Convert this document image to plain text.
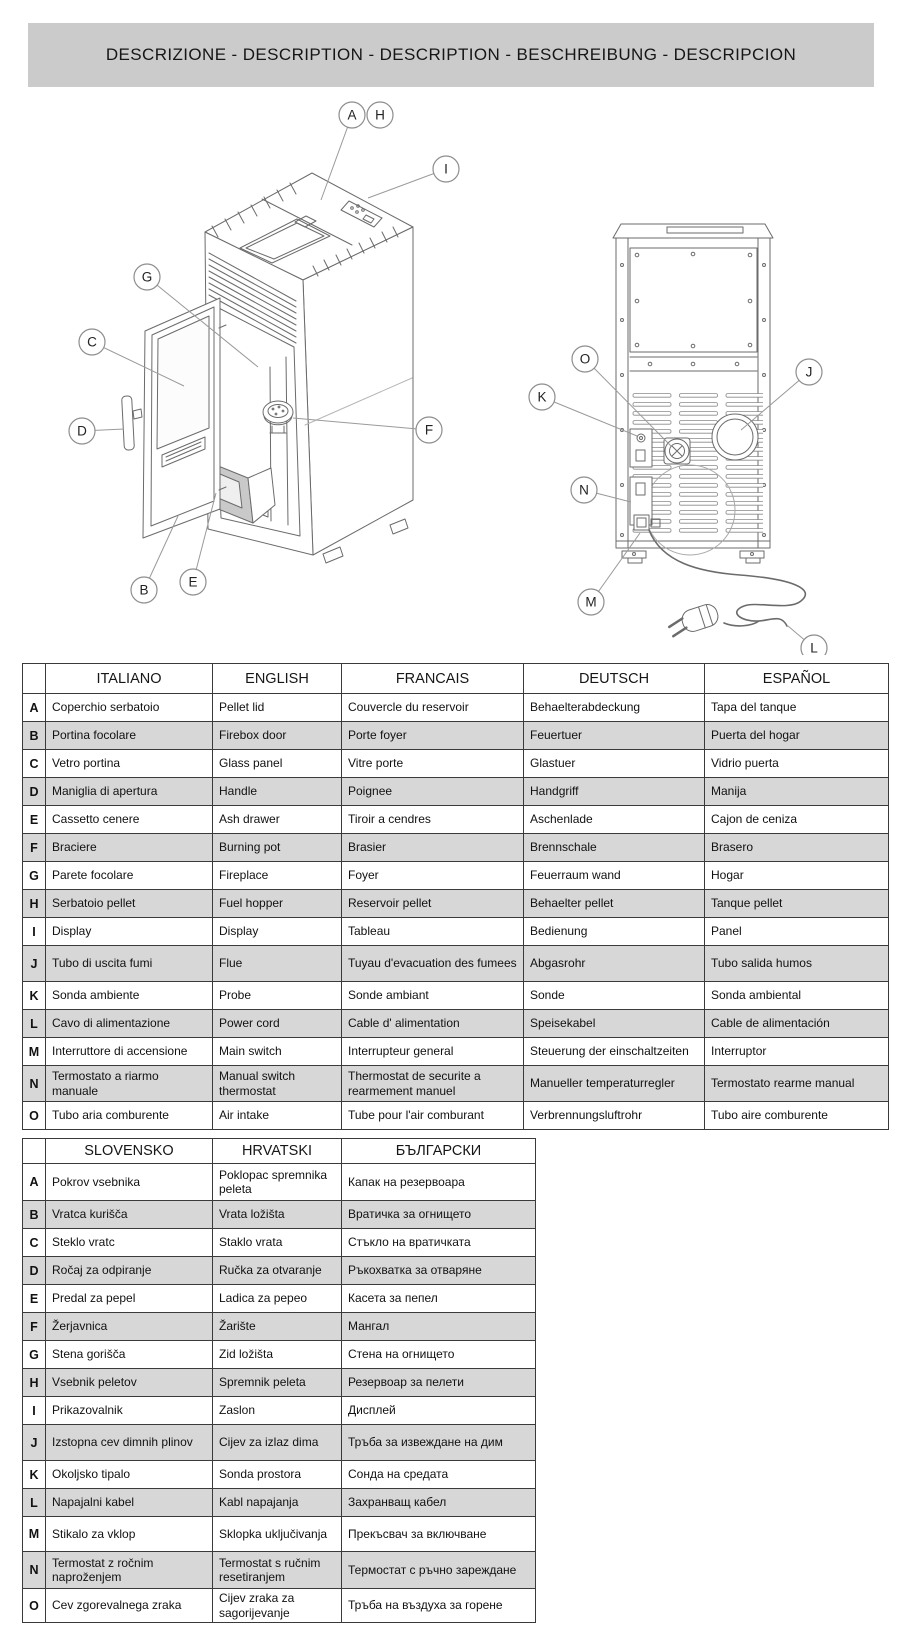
DESCRIZIONE - DESCRIPTION - DESCRIPTION - BESCHREIBUNG - DESCRIPCION
A H
I
G
C
D	F
B
E
O
K
J
N
M
L
	ITALIANO	ENGLISH	FRANCAIS	DEUTSCH	ESPAÑOL
A	Coperchio serbatoio	Pellet lid	Couvercle du reservoir	Behaelterabdeckung	Tapa del tanque
B	Portina focolare	Firebox door	Porte foyer	Feuertuer	Puerta del hogar
C	Vetro portina	Glass panel	Vitre porte	Glastuer	Vidrio puerta
D	Maniglia di apertura	Handle	Poignee	Handgriff	Manija
E	Cassetto cenere	Ash drawer	Tiroir a cendres	Aschenlade	Cajon de ceniza
F	Braciere	Burning pot	Brasier	Brennschale	Brasero
G	Parete focolare	Fireplace	Foyer	Feuerraum wand	Hogar
H	Serbatoio pellet	Fuel hopper	Reservoir pellet	Behaelter pellet	Tanque pellet
I	Display	Display	Tableau	Bedienung	Panel
J	Tubo di uscita fumi	Flue	Tuyau d'evacuation des fumees	Abgasrohr	Tubo salida humos
K	Sonda ambiente	Probe	Sonde ambiant	Sonde	Sonda ambiental
L	Cavo di alimentazione	Power cord	Cable d' alimentation	Speisekabel	Cable de alimentación
M	Interruttore di accensione	Main switch	Interrupteur general	Steuerung der einschaltzeiten	Interruptor
N	Termostato a riarmo manuale	Manual switch thermostat	Thermostat de securite a rearmement manuel	Manueller temperaturregler	Termostato rearme manual
O	Tubo aria comburente	Air intake	Tube pour l'air comburant	Verbrennungsluftrohr	Tubo aire comburente
	SLOVENSKO	HRVATSKI	БЪЛГАРСКИ
A	Pokrov vsebnika	Poklopac spremnika peleta	Капак на резервоара
B	Vratca kurišča	Vrata ložišta	Вратичка за огнището
C	Steklo vratc	Staklo vrata	Стъкло на вратичката
D	Ročaj za odpiranje	Ručka za otvaranje	Ръкохватка за отваряне
E	Predal za pepel	Ladica za pepeo	Касета за пепел
F	Žerjavnica	Žarište	Мангал
G	Stena gorišča	Zid ložišta	Стена на огнището
H	Vsebnik peletov	Spremnik peleta	Резервоар за пелети
I	Prikazovalnik	Zaslon	Дисплей
J	Izstopna cev dimnih plinov	Cijev za izlaz dima	Тръба за извеждане на дим
K	Okoljsko tipalo	Sonda prostora	Сонда на средата
L	Napajalni kabel	Kabl napajanja	Захранващ кабел
M	Stikalo za vklop	Sklopka uključivanja	Прекъсвач за включване
N	Termostat z ročnim naproženjem	Termostat s ručnim resetiranjem	Термостат с ръчно зареждане
O	Cev zgorevalnega zraka	Cijev zraka za sagorijevanje	Тръба на въздуха за горене
